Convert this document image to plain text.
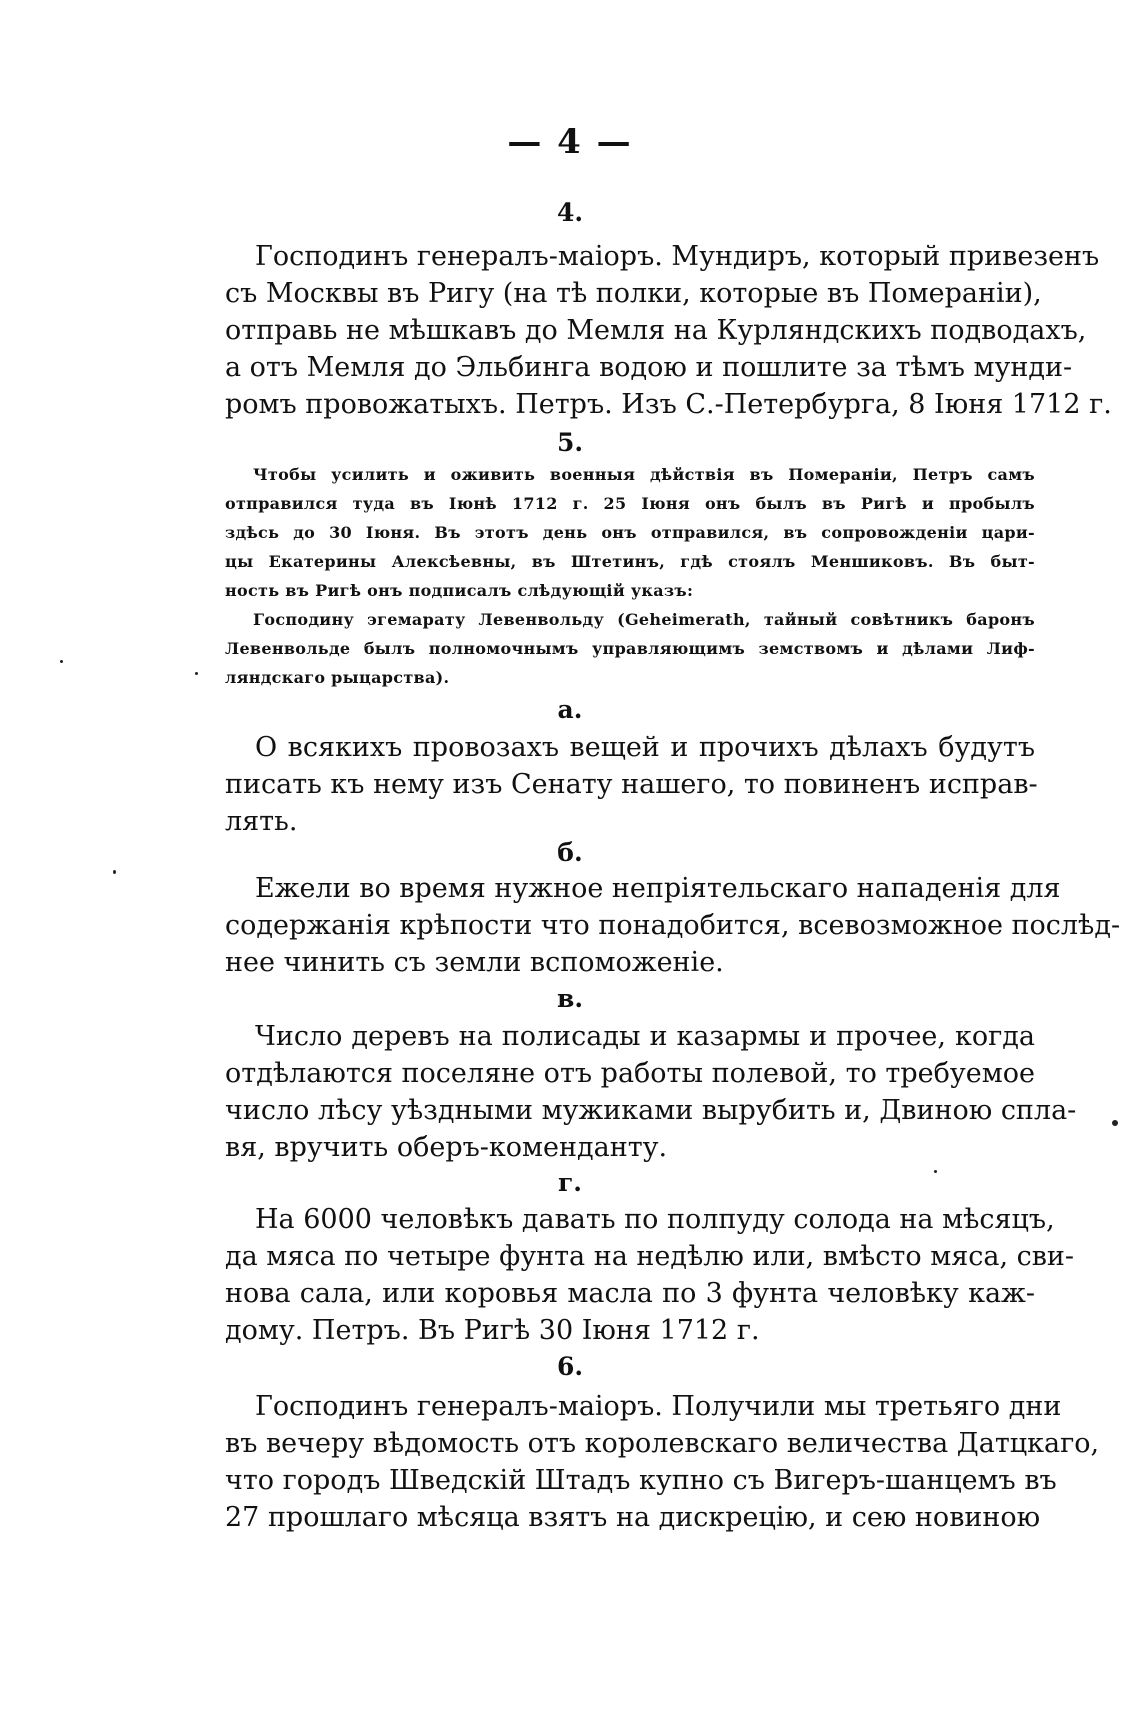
— 4 —
4.
Господинъ генералъ-маiоръ. Мундиръ, который привезенъ
съ Москвы въ Ригу (на тѣ полки, которые въ Померанiи),
отправь не мѣшкавъ до Мемля на Курляндскихъ подводахъ,
а отъ Мемля до Эльбинга водою и пошлите за тѣмъ мунди-
ромъ провожатыхъ. Петръ. Изъ С.-Петербурга, 8 Iюня 1712 г.
5.
Чтобы усилить и оживить военныя дѣйствiя въ Померанiи, Петръ самъ
отправился туда въ Iюнѣ 1712 г. 25 Iюня онъ былъ въ Ригѣ и пробылъ
здѣсь до 30 Iюня. Въ этотъ день онъ отправился, въ сопровожденiи цари-
цы Екатерины Алексѣевны, въ Штетинъ, гдѣ стоялъ Меншиковъ. Въ быт-
ность въ Ригѣ онъ подписалъ слѣдующiй указъ:
Господину эгемарату Левенвольду (Geheimerath, тайный совѣтникъ баронъ
Левенвольде былъ полномочнымъ управляющимъ земствомъ и дѣлами Лиф-
ляндскаго рыцарства).
а.
О всякихъ провозахъ вещей и прочихъ дѣлахъ будутъ
писать къ нему изъ Сенату нашего, то повиненъ исправ-
лять.
б.
Ежели во время нужное непрiятельскаго нападенiя для
содержанiя крѣпости что понадобится, всевозможное послѣд-
нее чинить съ земли вспоможенiе.
в.
Число деревъ на полисады и казармы и прочее, когда
отдѣлаются поселяне отъ работы полевой, то требуемое
число лѣсу уѣздными мужиками вырубить и, Двиною спла-
вя, вручить оберъ-коменданту.
г.
На 6000 человѣкъ давать по полпуду солода на мѣсяцъ,
да мяса по четыре фунта на недѣлю или, вмѣсто мяса, сви-
нова сала, или коровья масла по 3 фунта человѣку каж-
дому. Петръ. Въ Ригѣ 30 Iюня 1712 г.
6.
Господинъ генералъ-маiоръ. Получили мы третьяго дни
въ вечеру вѣдомость отъ королевскаго величества Датцкаго,
что городъ Шведскiй Штадъ купно съ Вигеръ-шанцемъ въ
27 прошлаго мѣсяца взятъ на дискрецiю, и сею новиною
